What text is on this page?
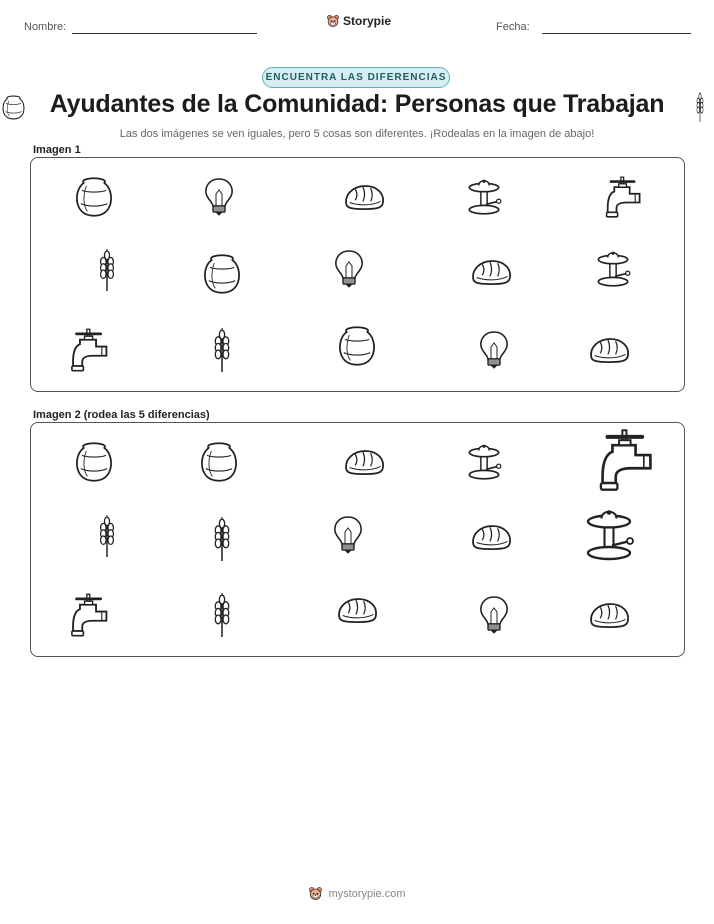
Nombre:	Storypie	Fecha:
ENCUENTRA LAS DIFERENCIAS
Ayudantes de la Comunidad: Personas que Trabajan
Las dos imágenes se ven iguales, pero 5 cosas son diferentes. ¡Rodealas en la imagen de abajo!
Imagen 1
Imagen 2 (rodea las 5 diferencias)
mystorypie.com
